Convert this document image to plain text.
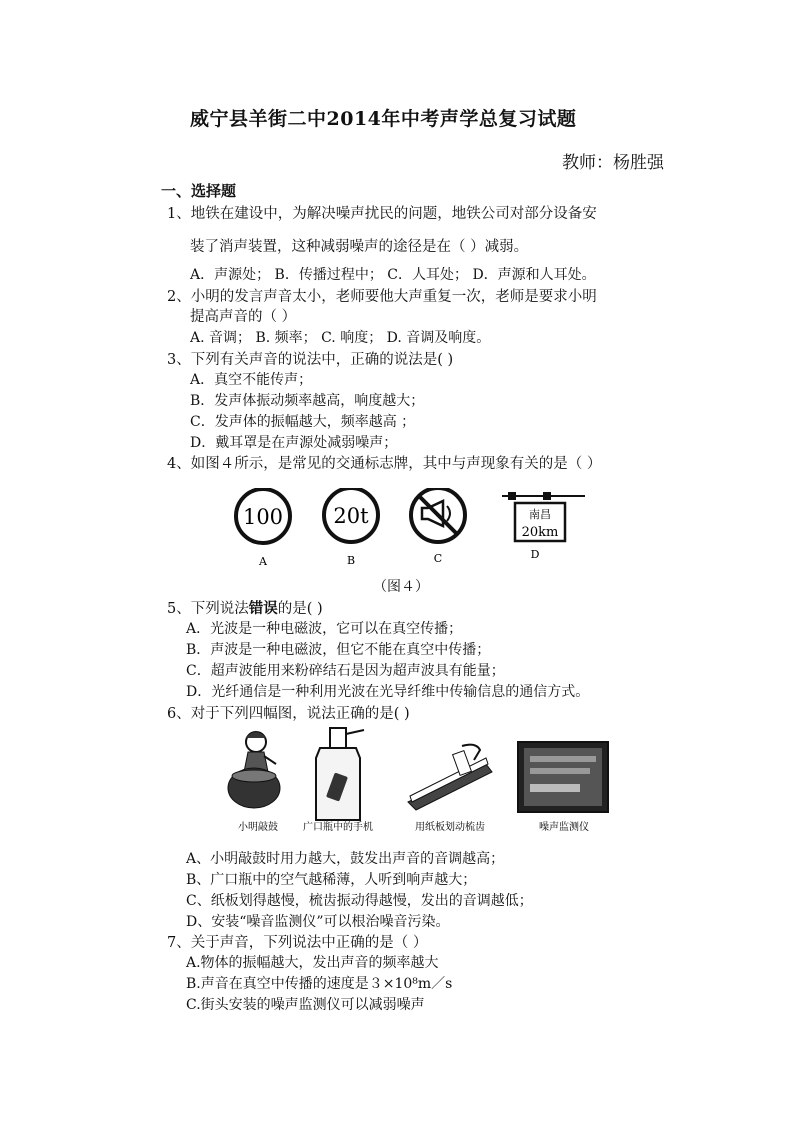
威宁县羊街二中2014年中考声学总复习试题
教师：杨胜强
一、选择题
1、地铁在建设中，为解决噪声扰民的问题，地铁公司对部分设备安
装了消声装置，这种减弱噪声的途径是在（ ）减弱。
A．声源处； B．传播过程中； C．人耳处； D．声源和人耳处。
2、小明的发言声音太小，老师要他大声重复一次，老师是要求小明
提高声音的（ ）
A. 音调； B. 频率； C. 响度； D. 音调及响度。
3、下列有关声音的说法中，正确的说法是( )
A．真空不能传声；
B．发声体振动频率越高，响度越大；
C．发声体的振幅越大，频率越高 ；
D．戴耳罩是在声源处减弱噪声；
4、如图４所示，是常见的交通标志牌，其中与声现象有关的是（ ）
100 20t	南昌
20km
A	B	C	D
（图４）
5、下列说法错误的是( )
A．光波是一种电磁波，它可以在真空传播；
B．声波是一种电磁波，但它不能在真空中传播；
C．超声波能用来粉碎结石是因为超声波具有能量；
D．光纤通信是一种利用光波在光导纤维中传输信息的通信方式。
6、对于下列四幅图，说法正确的是( )
小明敲鼓	广口瓶中的手机	用纸板划动梳齿	噪声监测仪
A、小明敲鼓时用力越大，鼓发出声音的音调越高；
B、广口瓶中的空气越稀薄，人听到响声越大；
C、纸板划得越慢，梳齿振动得越慢，发出的音调越低；
D、安装“噪音监测仪”可以根治噪音污染。
7、关于声音，下列说法中正确的是（ ）
A.物体的振幅越大，发出声音的频率越大
B.声音在真空中传播的速度是３×10⁸m／s
C.街头安装的噪声监测仪可以减弱噪声
